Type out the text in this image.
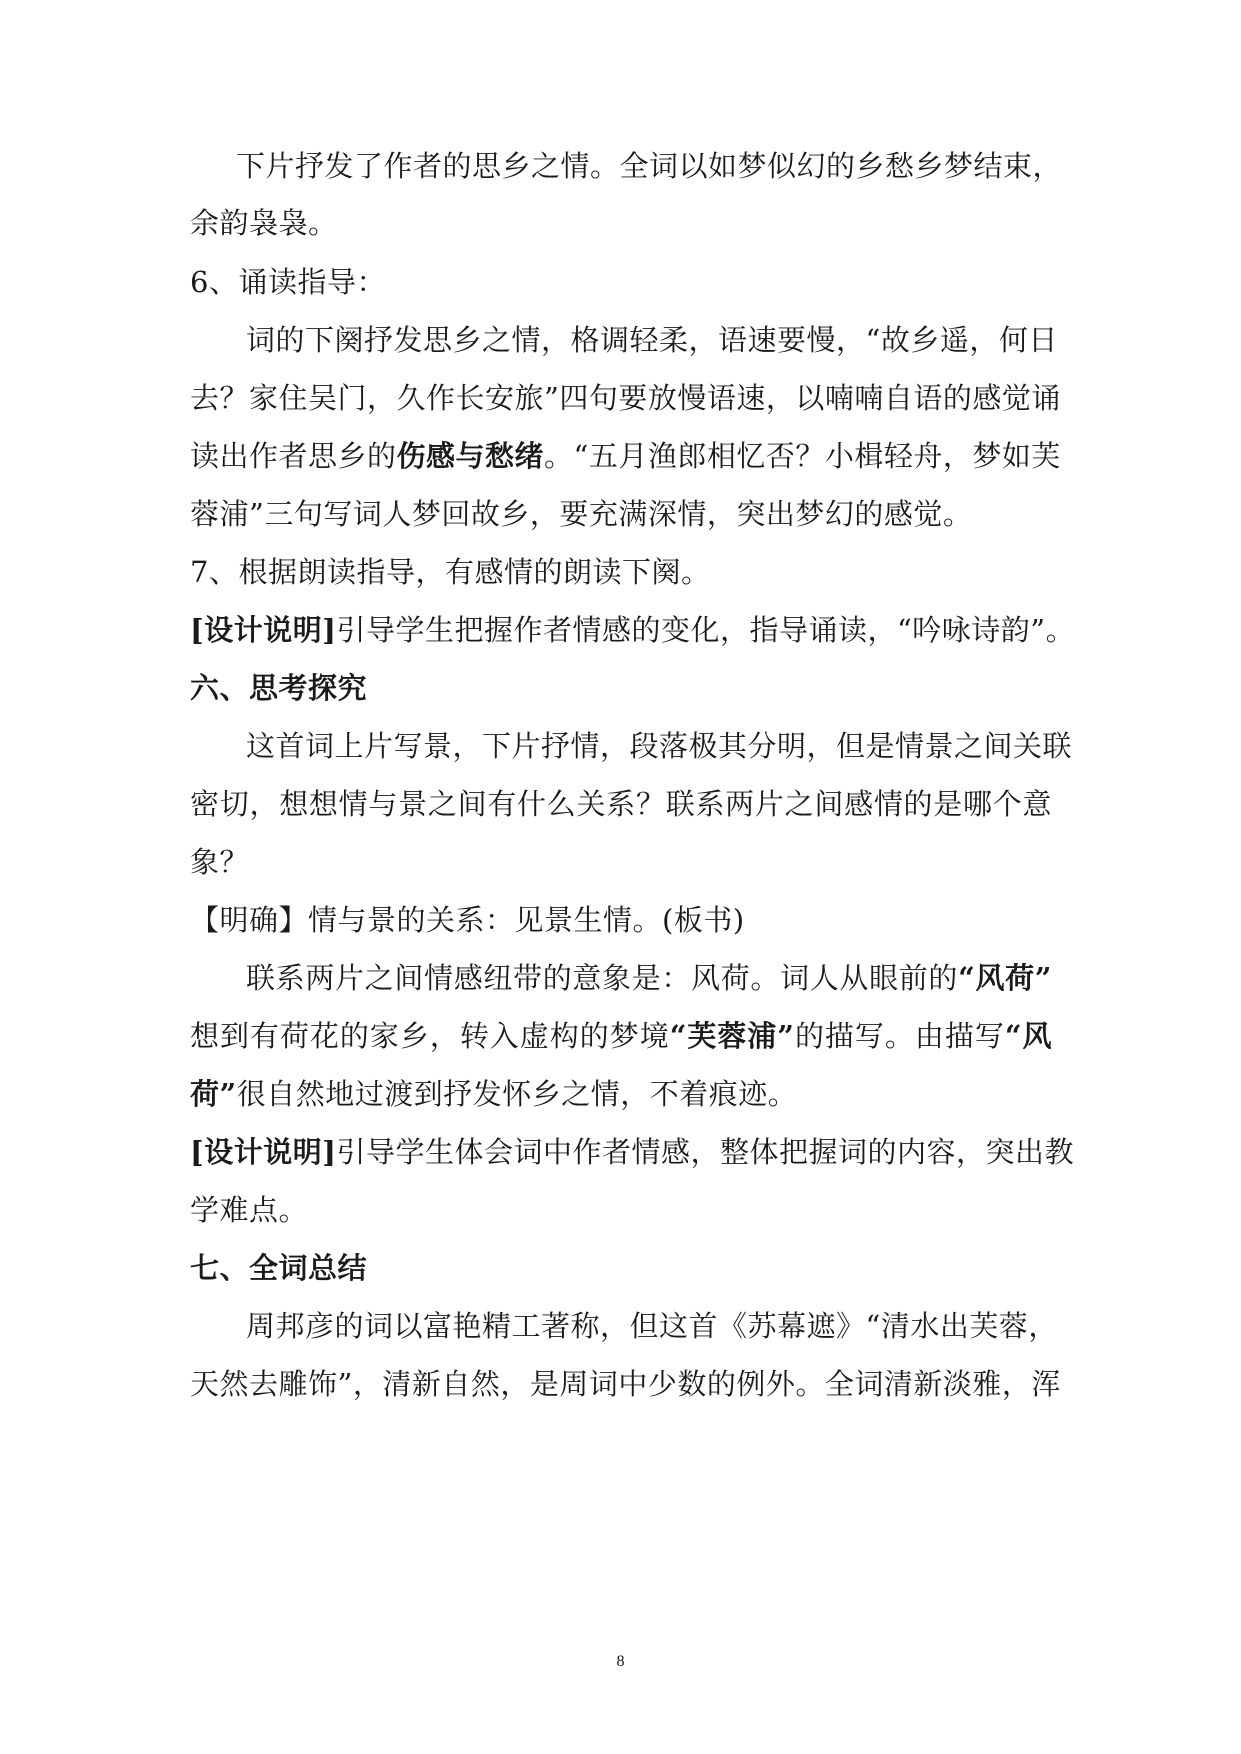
下片抒发了作者的思乡之情。全词以如梦似幻的乡愁乡梦结束，
余韵袅袅。
6、诵读指导：
词的下阕抒发思乡之情，格调轻柔，语速要慢，“故乡遥，何日
去？家住吴门，久作长安旅”四句要放慢语速，以喃喃自语的感觉诵
读出作者思乡的伤感与愁绪。“五月渔郎相忆否？小楫轻舟，梦如芙
蓉浦”三句写词人梦回故乡，要充满深情，突出梦幻的感觉。
7、根据朗读指导，有感情的朗读下阕。
[设计说明]引导学生把握作者情感的变化，指导诵读，“吟咏诗韵”。
六、思考探究
这首词上片写景，下片抒情，段落极其分明，但是情景之间关联
密切，想想情与景之间有什么关系？联系两片之间感情的是哪个意
象？
【明确】情与景的关系：见景生情。(板书)
联系两片之间情感纽带的意象是：风荷。词人从眼前的“风荷”
想到有荷花的家乡，转入虚构的梦境“芙蓉浦”的描写。由描写“风
荷”很自然地过渡到抒发怀乡之情，不着痕迹。
[设计说明]引导学生体会词中作者情感，整体把握词的内容，突出教
学难点。
七、全词总结
周邦彦的词以富艳精工著称，但这首《苏幕遮》“清水出芙蓉，
天然去雕饰”，清新自然，是周词中少数的例外。全词清新淡雅，浑
8
